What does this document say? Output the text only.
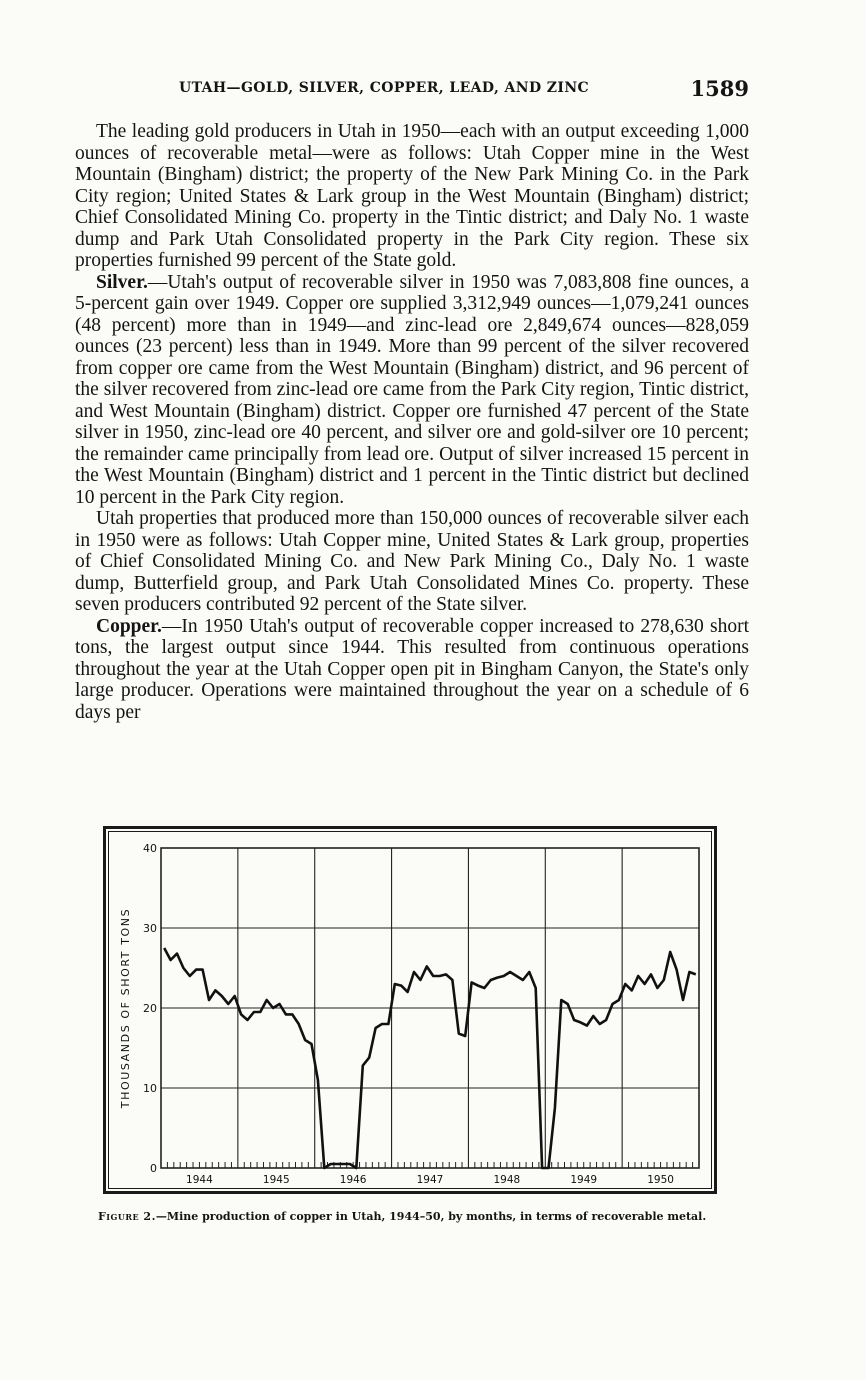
UTAH—GOLD, SILVER, COPPER, LEAD, AND ZINC	1589

The leading gold producers in Utah in 1950—each with an output exceeding 1,000 ounces of recoverable metal—were as follows: Utah Copper mine in the West Mountain (Bingham) district; the property of the New Park Mining Co. in the Park City region; United States & Lark group in the West Mountain (Bingham) district; Chief Consolidated Mining Co. property in the Tintic district; and Daly No. 1 waste dump and Park Utah Consolidated property in the Park City region. These six properties furnished 99 percent of the State gold.

Silver.—Utah's output of recoverable silver in 1950 was 7,083,808 fine ounces, a 5-percent gain over 1949. Copper ore supplied 3,312,949 ounces—1,079,241 ounces (48 percent) more than in 1949—and zinc-lead ore 2,849,674 ounces—828,059 ounces (23 percent) less than in 1949. More than 99 percent of the silver recovered from copper ore came from the West Mountain (Bingham) district, and 96 percent of the silver recovered from zinc-lead ore came from the Park City region, Tintic district, and West Mountain (Bingham) district. Copper ore furnished 47 percent of the State silver in 1950, zinc-lead ore 40 percent, and silver ore and gold-silver ore 10 percent; the remainder came principally from lead ore. Output of silver increased 15 percent in the West Mountain (Bingham) district and 1 percent in the Tintic district but declined 10 percent in the Park City region.

Utah properties that produced more than 150,000 ounces of recoverable silver each in 1950 were as follows: Utah Copper mine, United States & Lark group, properties of Chief Consolidated Mining Co. and New Park Mining Co., Daly No. 1 waste dump, Butterfield group, and Park Utah Consolidated Mines Co. property. These seven producers contributed 92 percent of the State silver.

Copper.—In 1950 Utah's output of recoverable copper increased to 278,630 short tons, the largest output since 1944. This resulted from continuous operations throughout the year at the Utah Copper open pit in Bingham Canyon, the State's only large producer. Operations were maintained throughout the year on a schedule of 6 days per

0
10
20
30
40
1944	1945	1946	1947	1948	1949	1950
THOUSANDS OF SHORT TONS
Figure 2.—Mine production of copper in Utah, 1944–50, by months, in terms of recoverable metal.
